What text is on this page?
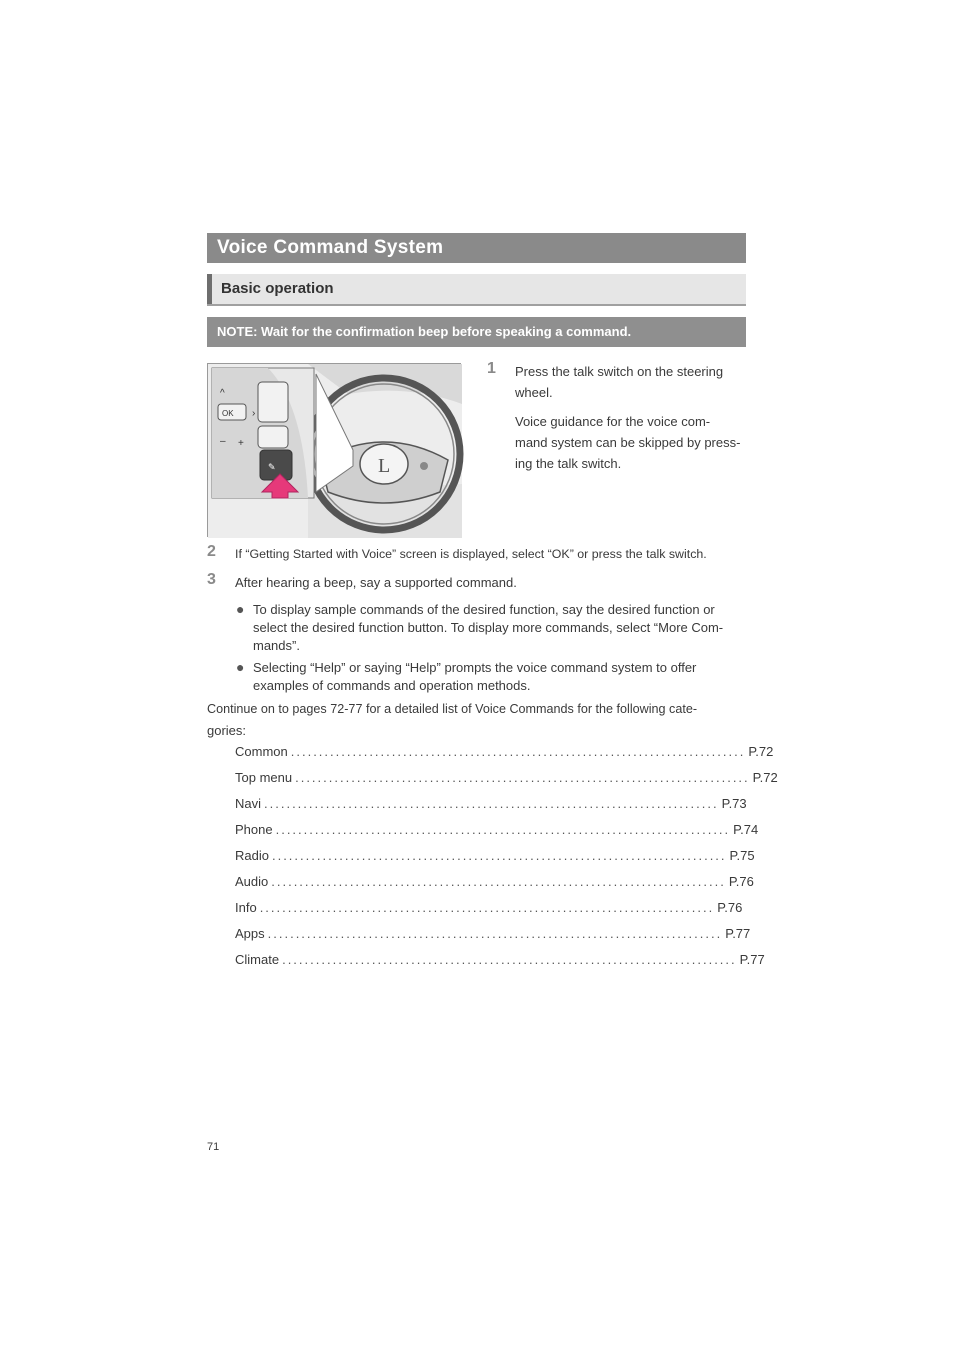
Voice Command System
Basic operation
NOTE: Wait for the confirmation beep before speaking a command.
L
OK ›
^
‒ +
✎
1 Press the talk switch on the steering
wheel.
Voice guidance for the voice com-
mand system can be skipped by press-
ing the talk switch.
2 If “Getting Started with Voice” screen is displayed, select “OK” or press the talk switch.
3 After hearing a beep, say a supported command.
● To display sample commands of the desired function, say the desired function or
select the desired function button. To display more commands, select “More Com-
mands”.
● Selecting “Help” or saying “Help” prompts the voice command system to offer
examples of commands and operation methods.
Continue on to pages 72-77 for a detailed list of Voice Commands for the following cate-
gories:
Common ................................................................................. P.72
Top menu ................................................................................. P.72
Navi ................................................................................. P.73
Phone ................................................................................. P.74
Radio ................................................................................. P.75
Audio ................................................................................. P.76
Info ................................................................................. P.76
Apps ................................................................................. P.77
Climate ................................................................................. P.77
71
